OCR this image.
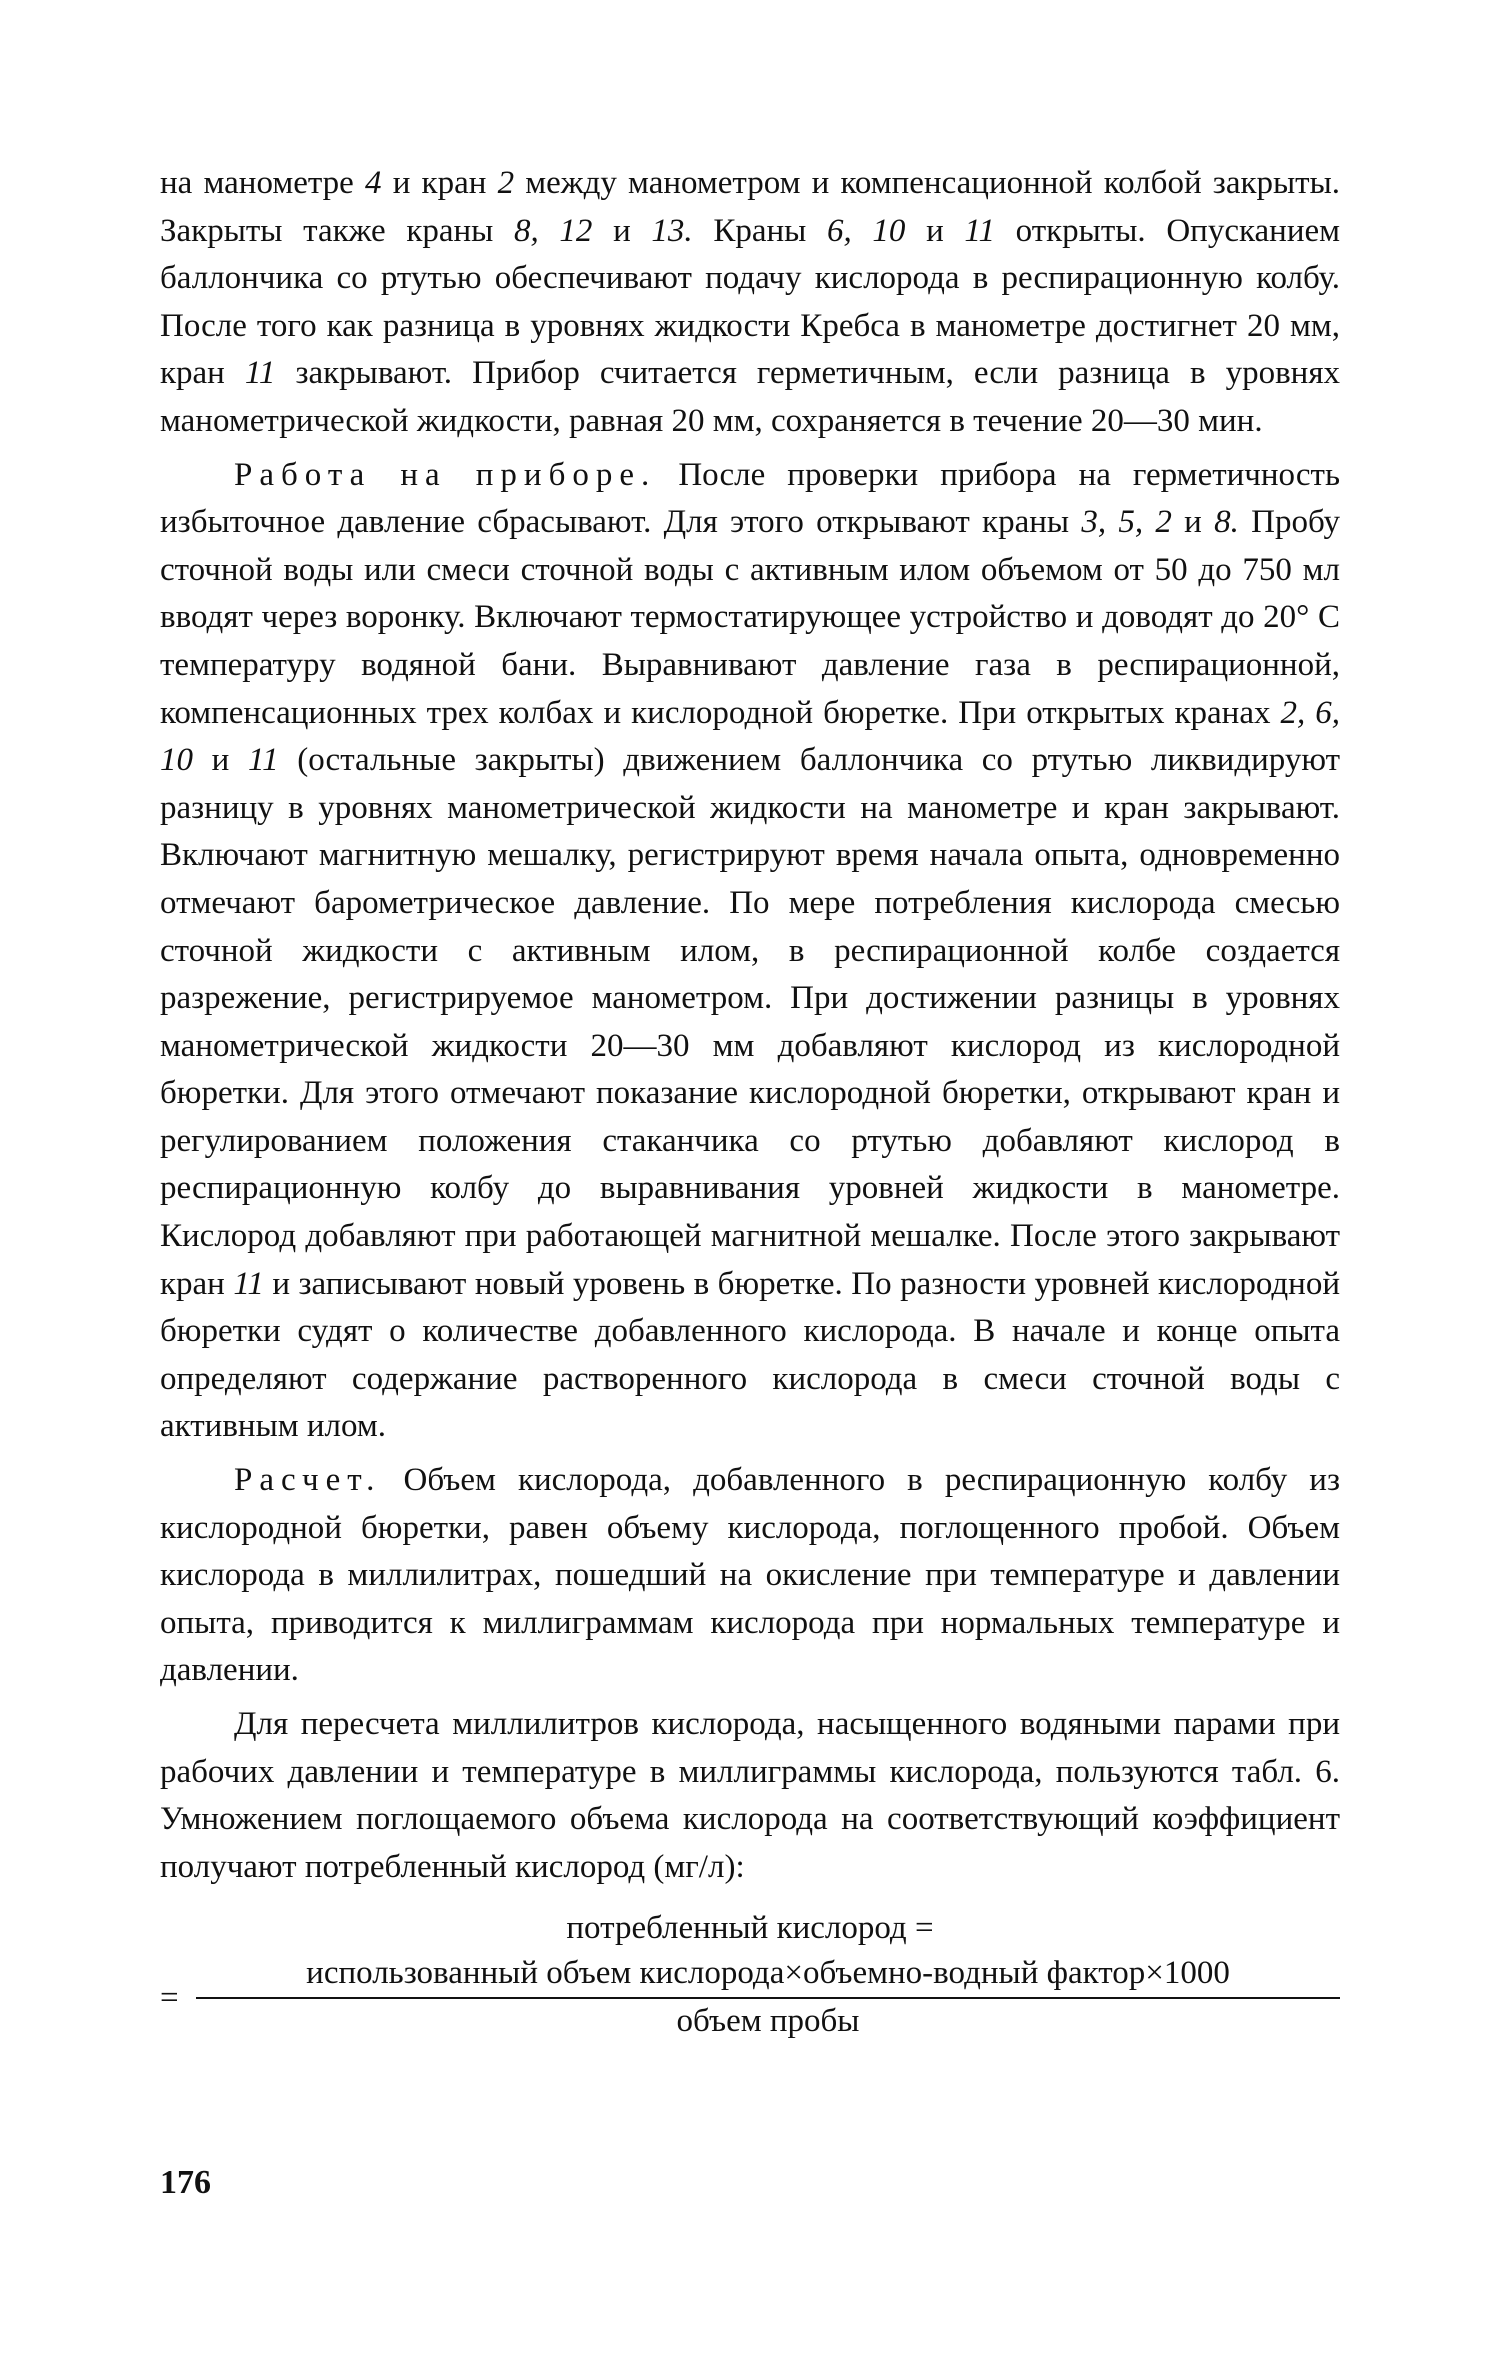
на манометре 4 и кран 2 между манометром и компенсационной колбой закрыты. Закрыты также краны 8, 12 и 13. Краны 6, 10 и 11 открыты. Опусканием баллончика со ртутью обеспечивают подачу кислорода в респирационную колбу. После того как разница в уровнях жидкости Кребса в манометре достигнет 20 мм, кран 11 закрывают. Прибор считается герметичным, если разница в уровнях манометрической жидкости, равная 20 мм, сохраняется в течение 20—30 мин.

Работа на приборе. После проверки прибора на герметичность избыточное давление сбрасывают. Для этого открывают краны 3, 5, 2 и 8. Пробу сточной воды или смеси сточной воды с активным илом объемом от 50 до 750 мл вводят через воронку. Включают термостатирующее устройство и доводят до 20° С температуру водяной бани. Выравнивают давление газа в респирационной, компенсационных трех колбах и кислородной бюретке. При открытых кранах 2, 6, 10 и 11 (остальные закрыты) движением баллончика со ртутью ликвидируют разницу в уровнях манометрической жидкости на манометре и кран закрывают. Включают магнитную мешалку, регистрируют время начала опыта, одновременно отмечают барометрическое давление. По мере потребления кислорода смесью сточной жидкости с активным илом, в респирационной колбе создается разрежение, регистрируемое манометром. При достижении разницы в уровнях манометрической жидкости 20—30 мм добавляют кислород из кислородной бюретки. Для этого отмечают показание кислородной бюретки, открывают кран и регулированием положения стаканчика со ртутью добавляют кислород в респирационную колбу до выравнивания уровней жидкости в манометре. Кислород добавляют при работающей магнитной мешалке. После этого закрывают кран 11 и записывают новый уровень в бюретке. По разности уровней кислородной бюретки судят о количестве добавленного кислорода. В начале и конце опыта определяют содержание растворенного кислорода в смеси сточной воды с активным илом.

Расчет. Объем кислорода, добавленного в респирационную колбу из кислородной бюретки, равен объему кислорода, поглощенного пробой. Объем кислорода в миллилитрах, пошедший на окисление при температуре и давлении опыта, приводится к миллиграммам кислорода при нормальных температуре и давлении.

Для пересчета миллилитров кислорода, насыщенного водяными парами при рабочих давлении и температуре в миллиграммы кислорода, пользуются табл. 6. Умножением поглощаемого объема кислорода на соответствующий коэффициент получают потребленный кислород (мг/л):

потребленный кислород =
= $\frac{\text{использованный объем кислорода×объемно-водный фактор×1000}}{\text{объем пробы}}$
176
